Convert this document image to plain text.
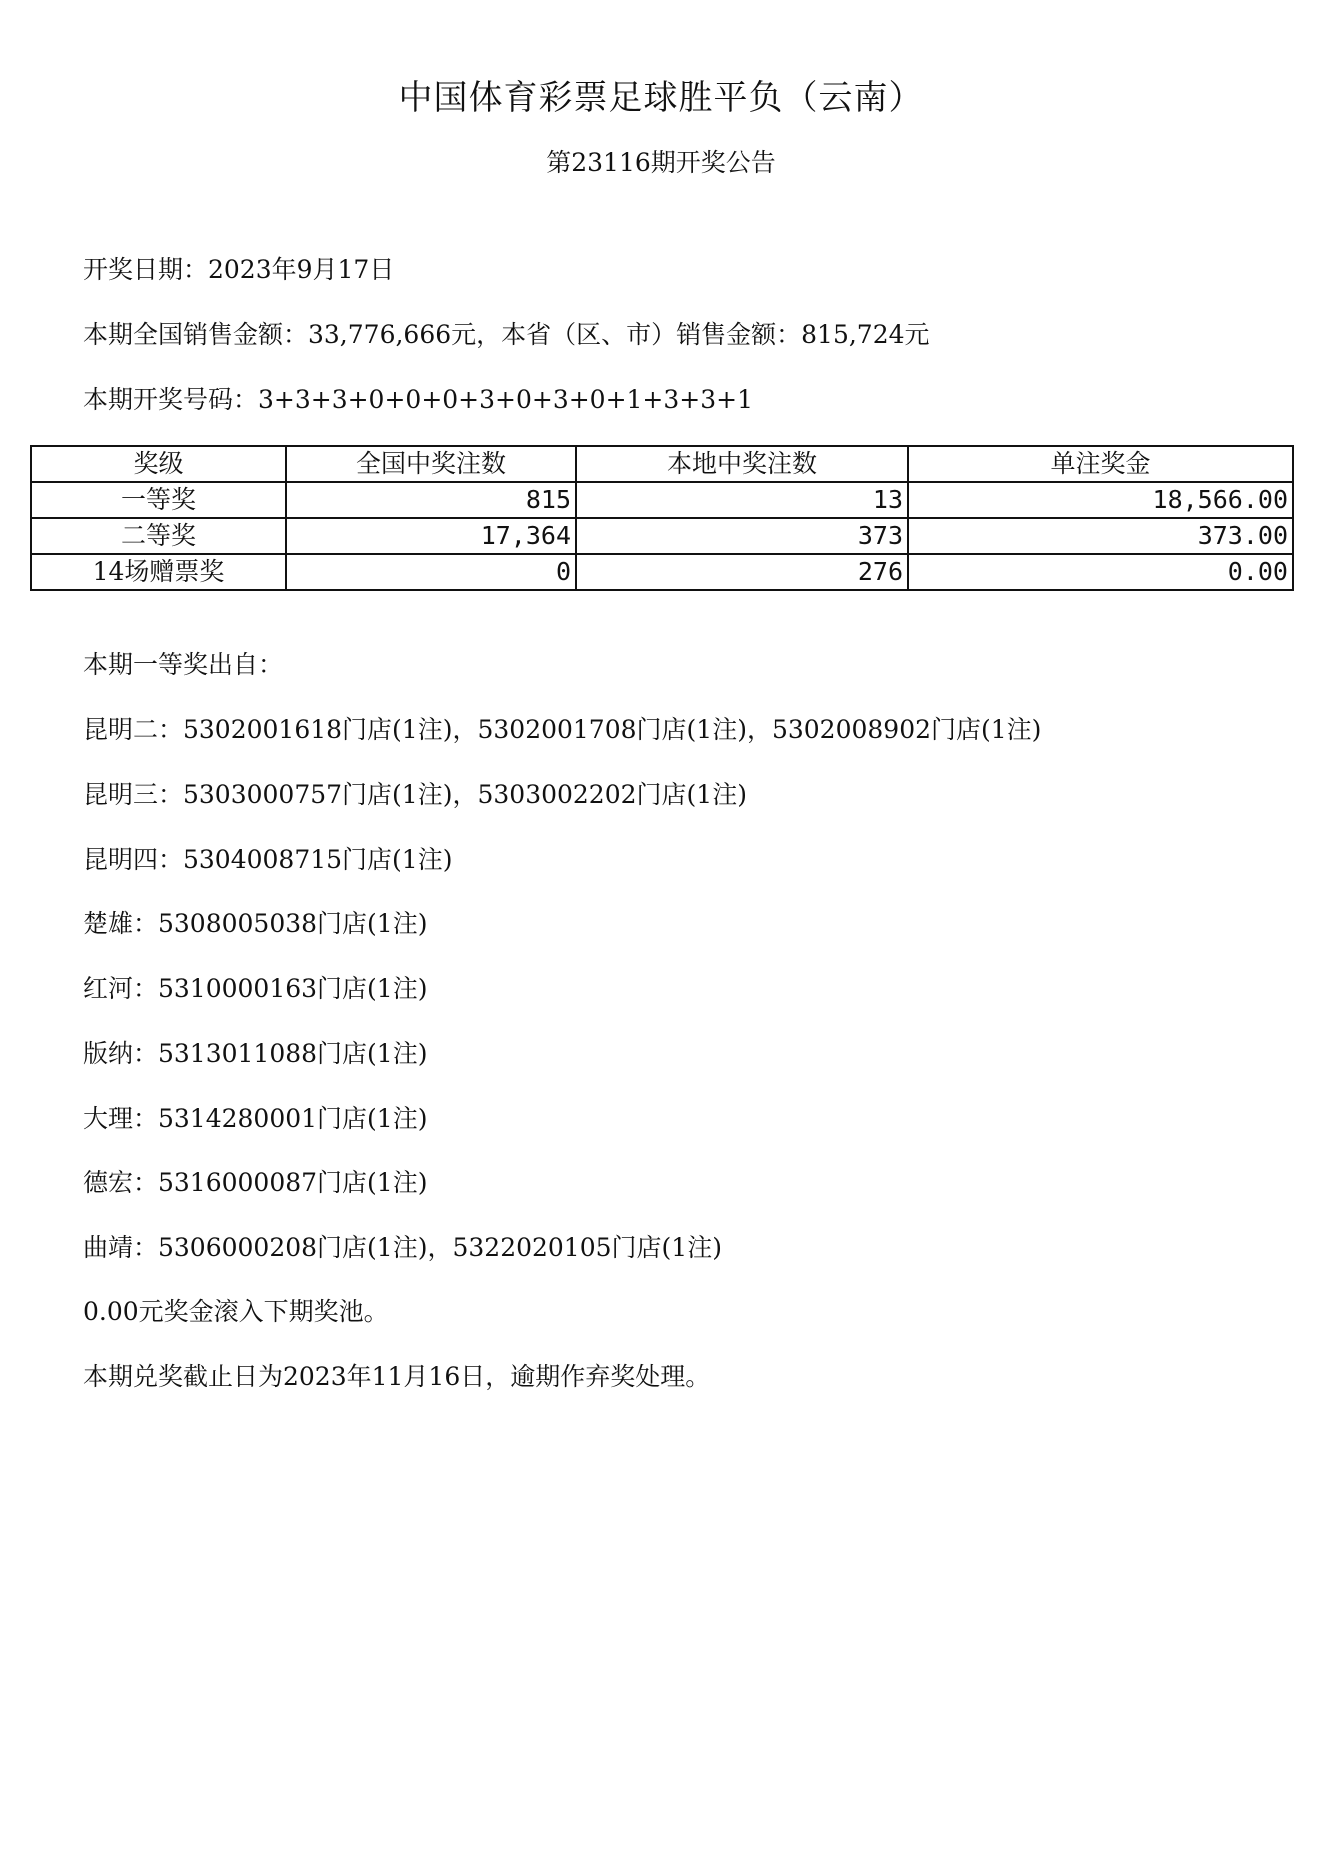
中国体育彩票足球胜平负（云南）
第23116期开奖公告
开奖日期：2023年9月17日
本期全国销售金额：33,776,666元，本省（区、市）销售金额：815,724元
本期开奖号码：3+3+3+0+0+0+3+0+3+0+1+3+3+1
奖级	全国中奖注数	本地中奖注数	单注奖金
一等奖	815	13	18,566.00
二等奖	17,364	373	373.00
14场赠票奖	0	276	0.00
本期一等奖出自：
昆明二：5302001618门店(1注)，5302001708门店(1注)，5302008902门店(1注)
昆明三：5303000757门店(1注)，5303002202门店(1注)
昆明四：5304008715门店(1注)
楚雄：5308005038门店(1注)
红河：5310000163门店(1注)
版纳：5313011088门店(1注)
大理：5314280001门店(1注)
德宏：5316000087门店(1注)
曲靖：5306000208门店(1注)，5322020105门店(1注)
0.00元奖金滚入下期奖池。
本期兑奖截止日为2023年11月16日，逾期作弃奖处理。
